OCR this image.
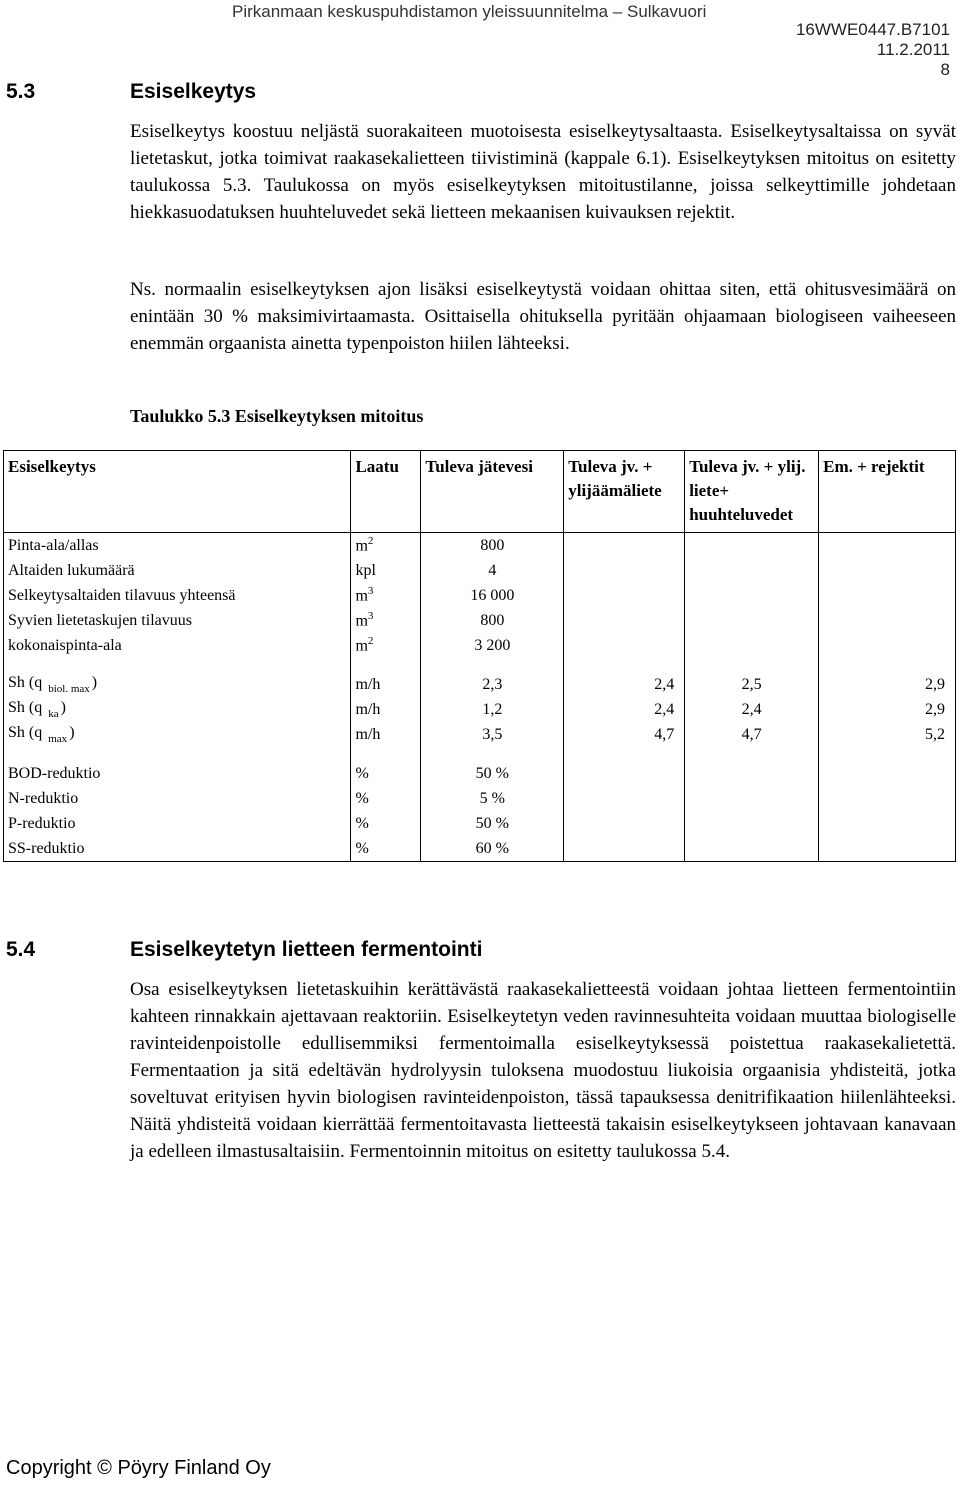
Pirkanmaan keskuspuhdistamon yleissuunnitelma – Sulkavuori
16WWE0447.B7101
11.2.2011
8
5.3	Esiselkeytys
Esiselkeytys koostuu neljästä suorakaiteen muotoisesta esiselkeytysaltaasta. Esiselkeytysaltaissa on syvät lietetaskut, jotka toimivat raakasekalietteen tiivistiminä (kappale 6.1). Esiselkeytyksen mitoitus on esitetty taulukossa 5.3. Taulukossa on myös esiselkeytyksen mitoitustilanne, joissa selkeyttimille johdetaan hiekkasuodatuksen huuhteluvedet sekä lietteen mekaanisen kuivauksen rejektit.
Ns. normaalin esiselkeytyksen ajon lisäksi esiselkeytystä voidaan ohittaa siten, että ohitusvesimäärä on enintään 30 % maksimivirtaamasta. Osittaisella ohituksella pyritään ohjaamaan biologiseen vaiheeseen enemmän orgaanista ainetta typenpoiston hiilen lähteeksi.
Taulukko 5.3 Esiselkeytyksen mitoitus
Esiselkeytys	Laatu	Tuleva jätevesi	Tuleva jv. + ylijäämäliete	Tuleva jv. + ylij. liete+ huuhteluvedet	Em. + rejektit
Pinta-ala/allas	$m^2$	800			
Altaiden lukumäärä	kpl	4			
Selkeytysaltaiden tilavuus yhteensä	$m^3$	16 000			
Syvien lietetaskujen tilavuus	$m^3$	800			
kokonaispinta-ala	$m^2$	3 200			

Sh (q $_{biol. max}$ )	m/h	2,3	2,4	2,5	2,9
Sh (q $_{ka}$ )	m/h	1,2	2,4	2,4	2,9
Sh (q $_{max}$ )	m/h	3,5	4,7	4,7	5,2

BOD-reduktio	%	50 %			
N-reduktio	%	5 %			
P-reduktio	%	50 %			
SS-reduktio	%	60 %			
5.4	Esiselkeytetyn lietteen fermentointi
Osa esiselkeytyksen lietetaskuihin kerättävästä raakasekalietteestä voidaan johtaa lietteen fermentointiin kahteen rinnakkain ajettavaan reaktoriin. Esiselkeytetyn veden ravinnesuhteita voidaan muuttaa biologiselle ravinteidenpoistolle edullisemmiksi fermentoimalla esiselkeytyksessä poistettua raakasekalietettä. Fermentaation ja sitä edeltävän hydrolyysin tuloksena muodostuu liukoisia orgaanisia yhdisteitä, jotka soveltuvat erityisen hyvin biologisen ravinteidenpoiston, tässä tapauksessa denitrifikaation hiilenlähteeksi. Näitä yhdisteitä voidaan kierrättää fermentoitavasta lietteestä takaisin esiselkeytykseen johtavaan kanavaan ja edelleen ilmastusaltaisiin. Fermentoinnin mitoitus on esitetty taulukossa 5.4.
Copyright © Pöyry Finland Oy
